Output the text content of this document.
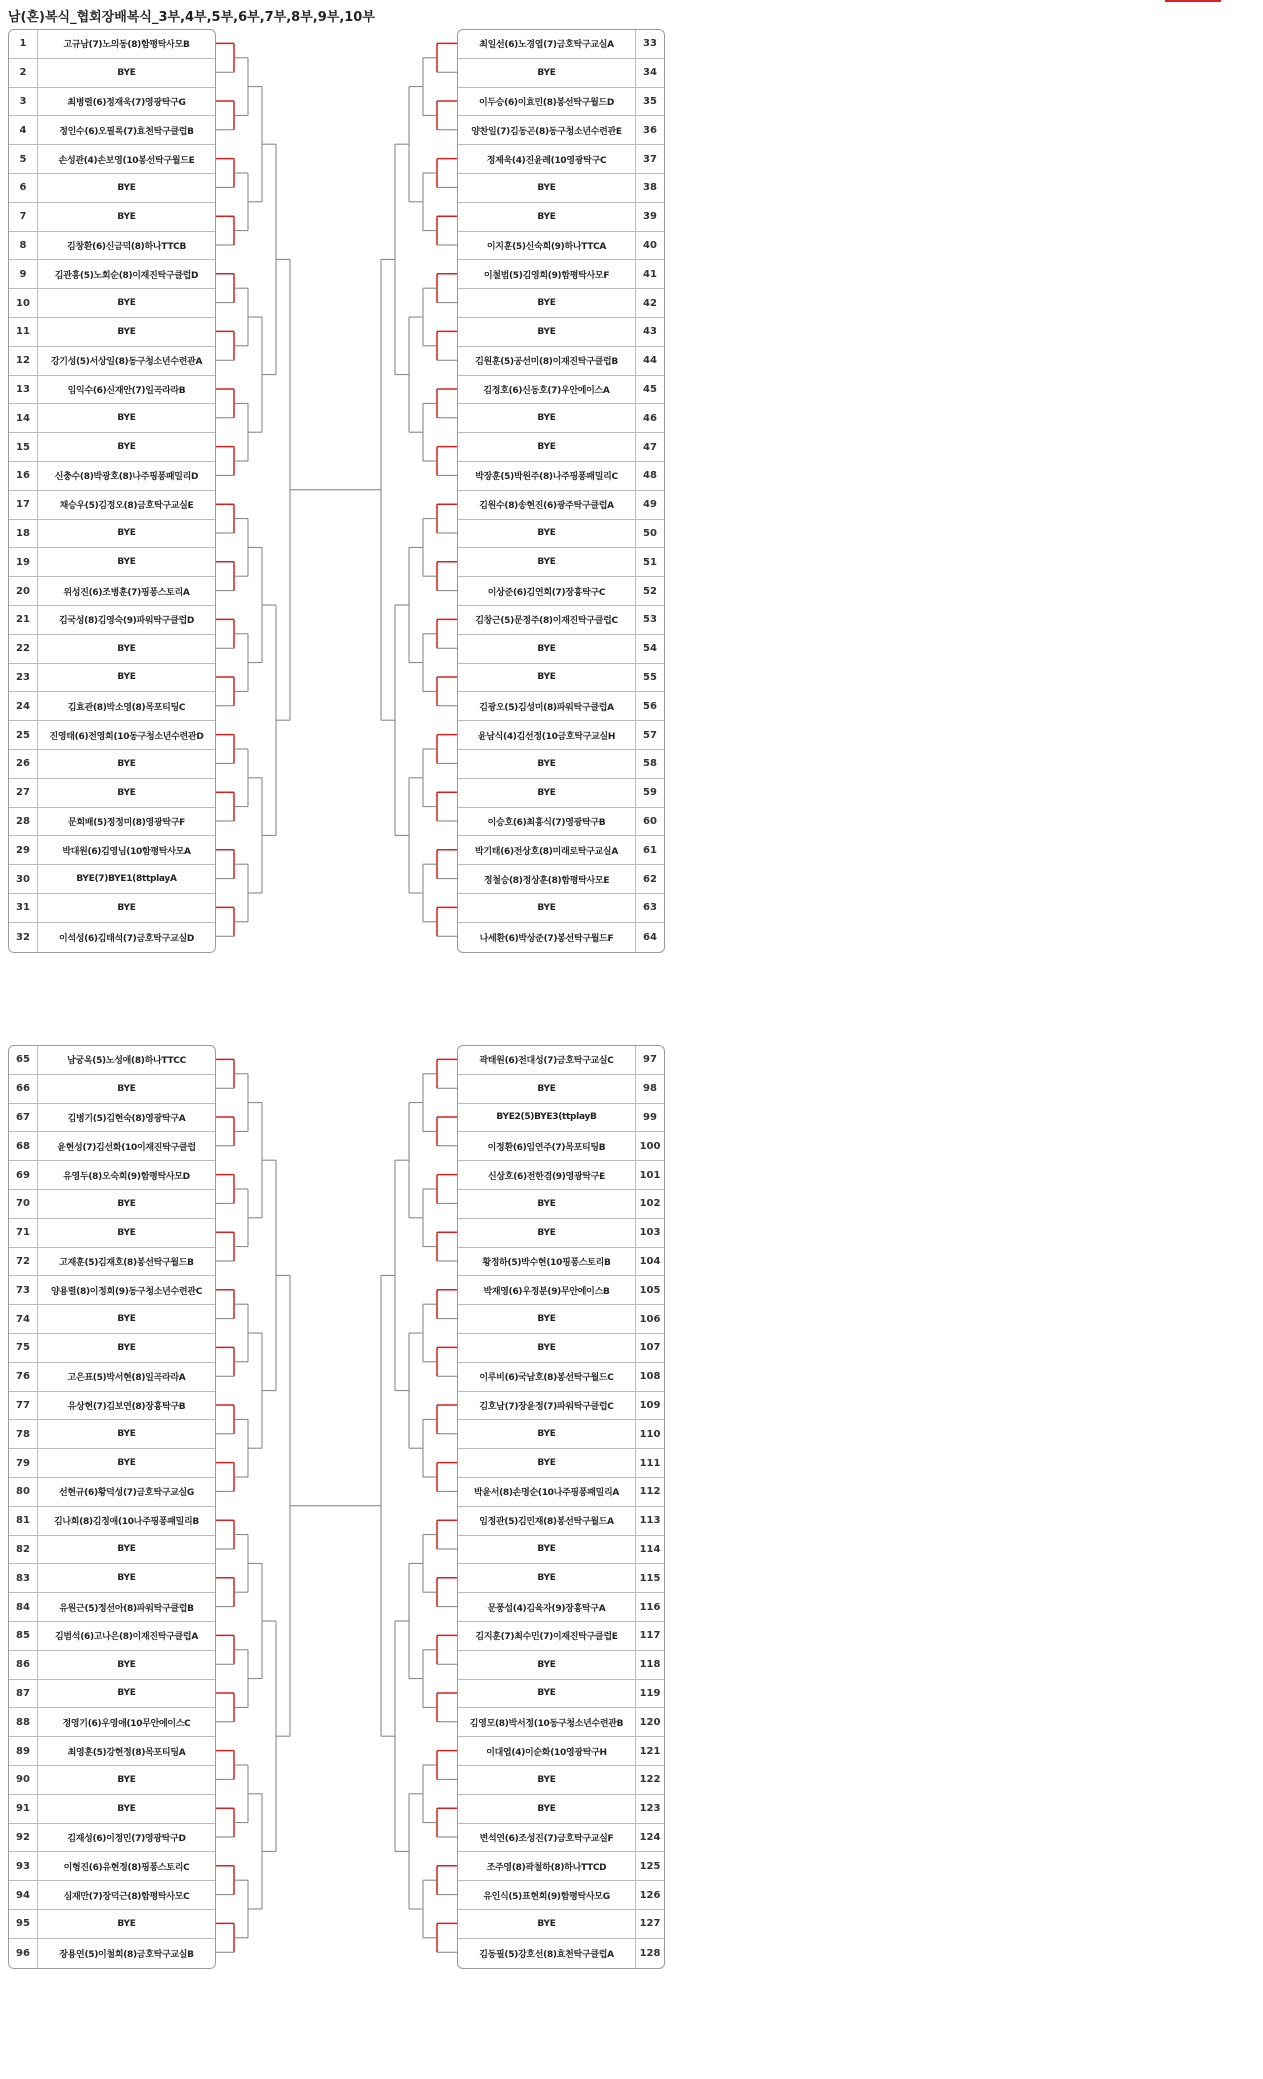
남(혼)복식_협회장배복식_3부,4부,5부,6부,7부,8부,9부,10부
1	고규남(7)노의동(8)함평탁사모B
2	BYE
3	최병렬(6)정재욱(7)영광탁구G
4	정인수(6)오필록(7)효천탁구클럽B
5	손성관(4)손보영(10봉선탁구월드E
6	BYE
7	BYE
8	김창환(6)신금덕(8)하나TTCB
9	김관홍(5)노회순(8)이재진탁구클럽D
10	BYE
11	BYE
12	강기성(5)서상일(8)동구청소년수련관A
13	임익수(6)신재안(7)일곡라라B
14	BYE
15	BYE
16	신충수(8)박광호(8)나주핑퐁패밀리D
17	채승우(5)김정오(8)금호탁구교실E
18	BYE
19	BYE
20	위성진(6)조병훈(7)핑퐁스토리A
21	김국성(8)김영숙(9)파워탁구클럽D
22	BYE
23	BYE
24	김효관(8)박소영(8)목포티팅C
25	진영태(6)전영희(10동구청소년수련관D
26	BYE
27	BYE
28	문희배(5)정정미(8)영광탁구F
29	박대원(6)김영님(10함평탁사모A
30	BYE(7)BYE1(8ttplayA
31	BYE
32	이석성(6)김태석(7)금호탁구교실D
최일선(6)노경엽(7)금호탁구교실A	33
BYE	34
이두승(6)이효민(8)봉선탁구월드D	35
양찬일(7)김동곤(8)동구청소년수련관E	36
정제욱(4)진윤례(10영광탁구C	37
BYE	38
BYE	39
이지훈(5)신숙희(9)하나TTCA	40
이철범(5)김영희(9)함평탁사모F	41
BYE	42
BYE	43
김원훈(5)공선미(8)이재진탁구클럽B	44
김정호(6)신동호(7)우안에이스A	45
BYE	46
BYE	47
박장훈(5)박원주(8)나주핑퐁패밀리C	48
김원수(8)송현진(6)광주탁구클럽A	49
BYE	50
BYE	51
이상준(6)김연희(7)장흥탁구C	52
김창근(5)문정주(8)이재진탁구클럽C	53
BYE	54
BYE	55
김광오(5)김성미(8)파워탁구클럽A	56
윤남식(4)김선정(10금호탁구교실H	57
BYE	58
BYE	59
이승호(6)최흥식(7)영광탁구B	60
박기태(6)전상호(8)미래로탁구교실A	61
정철승(8)정상훈(8)함평탁사모E	62
BYE	63
나세환(6)박상준(7)봉선탁구월드F	64
65	남궁옥(5)노성애(8)하나TTCC
66	BYE
67	김병기(5)김현숙(8)영광탁구A
68	윤현성(7)김선화(10이재진탁구클럽
69	유영두(8)오숙희(9)함평탁사모D
70	BYE
71	BYE
72	고재훈(5)김재호(8)봉선탁구월드B
73	양용렬(8)이정희(9)동구청소년수련관C
74	BYE
75	BYE
76	고은표(5)박서현(8)일곡라라A
77	유상현(7)김보연(8)장흥탁구B
78	BYE
79	BYE
80	선현규(6)황덕성(7)금호탁구교실G
81	김나희(8)김정애(10나주핑퐁패밀리B
82	BYE
83	BYE
84	유원근(5)정선아(8)파워탁구클럽B
85	김범석(6)고나은(8)이재진탁구클럽A
86	BYE
87	BYE
88	정영기(6)우영애(10무안에이스C
89	최영훈(5)강현정(8)목포티팅A
90	BYE
91	BYE
92	김재성(6)이정민(7)영광탁구D
93	이형진(6)유현정(8)핑퐁스토리C
94	심재만(7)장덕근(8)함평탁사모C
95	BYE
96	장용연(5)이철희(8)금호탁구교실B
곽태원(6)전대성(7)금호탁구교실C	97
BYE	98
BYE2(5)BYE3(ttplayB	99
이정환(6)임연주(7)목포티팅B	100
신상호(6)전한겸(9)영광탁구E	101
BYE	102
BYE	103
황정하(5)박수현(10핑퐁스토리B	104
박재영(6)우정분(9)무안에이스B	105
BYE	106
BYE	107
이루비(6)국남호(8)봉선탁구월드C	108
김호남(7)장윤정(7)파워탁구클럽C	109
BYE	110
BYE	111
박윤서(8)손명순(10나주핑퐁패밀리A	112
임정관(5)김민재(8)봉선탁구월드A	113
BYE	114
BYE	115
문풍섭(4)김육자(9)장흥탁구A	116
김지훈(7)최수민(7)이재진탁구클럽E	117
BYE	118
BYE	119
김영모(8)박서정(10동구청소년수련관B	120
이대엽(4)이순화(10영광탁구H	121
BYE	122
BYE	123
변석연(6)조성진(7)금호탁구교실F	124
조주영(8)곽철하(8)하나TTCD	125
유인식(5)표현희(9)함평탁사모G	126
BYE	127
김동필(5)강호선(8)효천탁구클럽A	128
